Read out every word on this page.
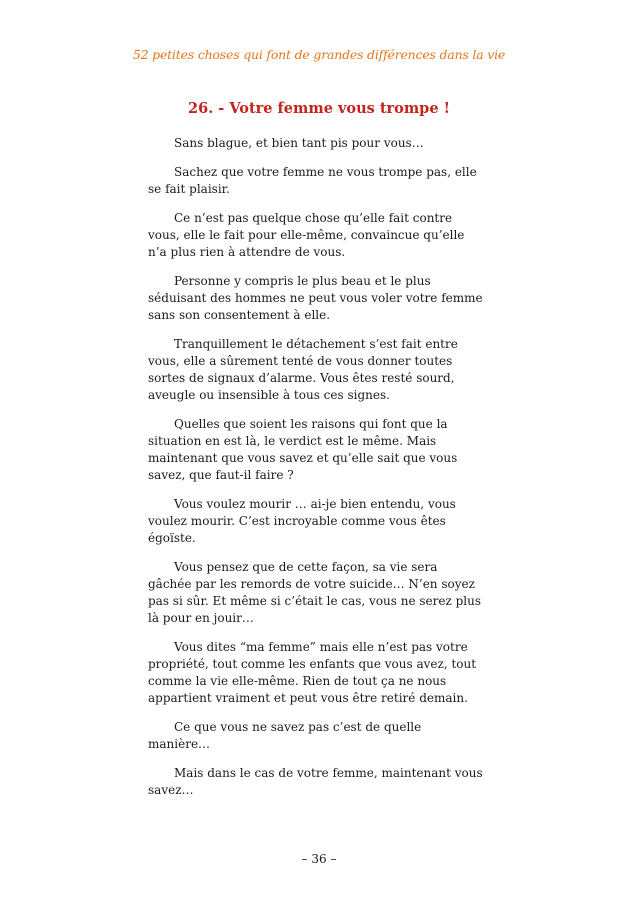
52 petites choses qui font de grandes différences dans la vie
26. - Votre femme vous trompe !

Sans blague, et bien tant pis pour vous…

Sachez que votre femme ne vous trompe pas, elle se fait plaisir.

Ce n’est pas quelque chose qu’elle fait contre vous, elle le fait pour elle-même, convaincue qu’elle n’a plus rien à attendre de vous.

Personne y compris le plus beau et le plus séduisant des hommes ne peut vous voler votre femme sans son consentement à elle.

Tranquillement le détachement s’est fait entre vous, elle a sûrement tenté de vous donner toutes sortes de signaux d’alarme. Vous êtes resté sourd, aveugle ou insensible à tous ces signes.

Quelles que soient les raisons qui font que la situation en est là, le verdict est le même. Mais maintenant que vous savez et qu’elle sait que vous savez, que faut-il faire ?

Vous voulez mourir … ai-je bien entendu, vous voulez mourir. C’est incroyable comme vous êtes égoïste.

Vous pensez que de cette façon, sa vie sera gâchée par les remords de votre suicide… N’en soyez pas si sûr. Et même si c’était le cas, vous ne serez plus là pour en jouir…

Vous dites “ma femme” mais elle n’est pas votre propriété, tout comme les enfants que vous avez, tout comme la vie elle-même. Rien de tout ça ne nous appartient vraiment et peut vous être retiré demain.

Ce que vous ne savez pas c’est de quelle manière…

Mais dans le cas de votre femme, maintenant vous savez…

– 36 –
